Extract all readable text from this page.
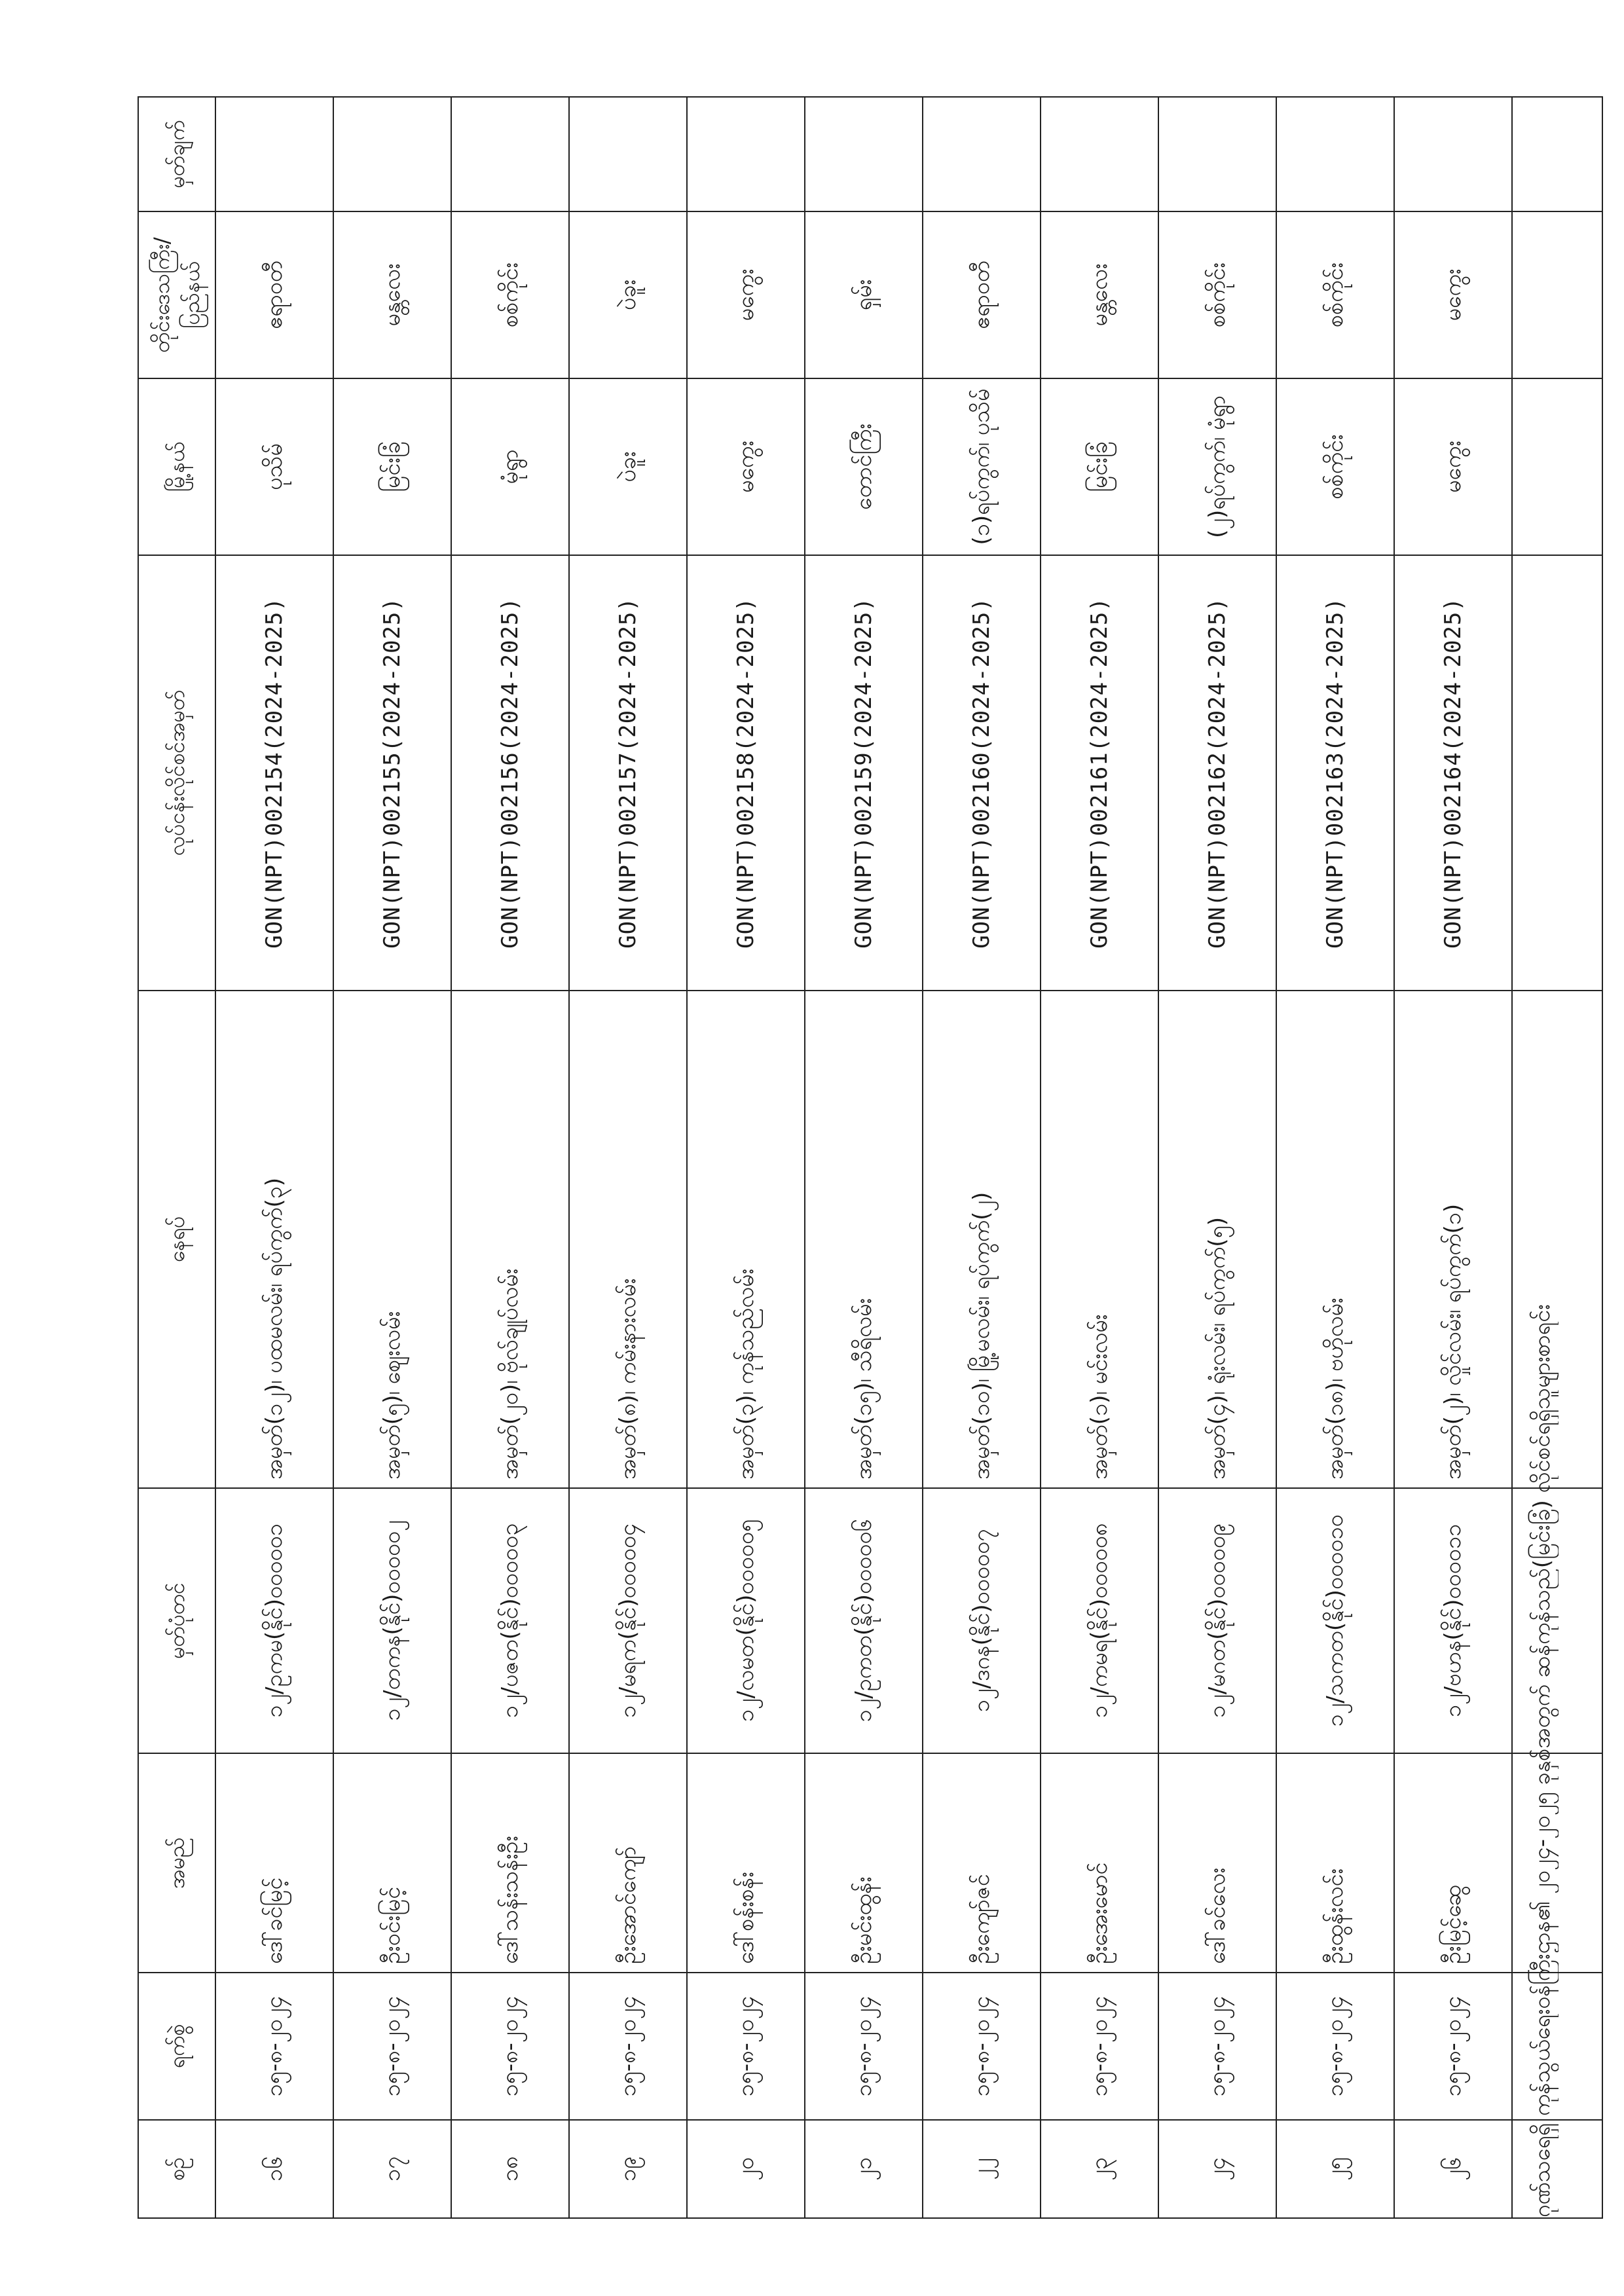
ဂုဏ်သရေရှိ ကုန်သွယ်ရေးဝန်ကြီးဌာန၏ ၂၀၂၄-၂၀၂၅ ခုနှစ်အတွက် ဆန်ကုန်သည်(မြင်းခြံ) လိုင်စင်ရရှိသူများစာရင်း
စဉ်	ရက်စွဲ	အမည်	မှတ်ပုံတင်	နေရပ်	လုပ်ငန်းလိုင်စင်အမှတ်	မြို့နယ်	တိုင်းဒေသကြီး/ပြည်နယ်	မှတ်ချက်
၁၆	၁၅-၈-၂၀၂၄	ဒေါ်ခင်မြင့်	၁၂/ဥကမ(နိုင်)၀၀၀၀၀၁	အမှတ်(၁၂)၊ ပထမလမ်း၊ ရပ်ကွက်(၃)	GON(NPT)002154(2024-2025)	ပုသိမ်	ဧရာဝတီ	
၁၇	၁၅-၈-၂၀၂၄	ဦးဝင်းမြင့်	၁၂/တကန(နိုင်)၀၀၀၀၀၂	အမှတ်(၅)၊ စျေးလမ်း	GON(NPT)002155(2024-2025)	မြင်းခြံ	မန္တလေး	
၁၈	၁၅-၈-၂၀၂၄	ဒေါ်သန်းသန်းဦး	၁၂/ပဇတ(နိုင်)၀၀၀၀၀၃	အမှတ်(၂၀)၊ ဗိုလ်ချုပ်လမ်း	GON(NPT)002156(2024-2025)	မုံရွာ	စစ်ကိုင်း	
၁၉	၁၅-၈-၂၀၂၄	ဦးအောင်ကျော်	၁၂/မရက(နိုင်)၀၀၀၀၀၄	အမှတ်(၈)၊ ကမ်းနားလမ်း	GON(NPT)002157(2024-2025)	ပဲခူး	ပဲခူး	
၂၀	၁၅-၈-၂၀၂၄	ဒေါ်စန်းစန်း	၁၂/လမတ(နိုင်)၀၀၀၀၀၅	အမှတ်(၃)၊ ကုန်သည်လမ်း	GON(NPT)002158(2024-2025)	မကွေး	မကွေး	
၂၁	၁၅-၈-၂၀၂၄	ဦးမင်းထွန်း	၁၂/ဥကတ(နိုင်)၀၀၀၀၀၆	အမှတ်(၁၅)၊ သီရိလမ်း	GON(NPT)002159(2024-2025)	တောင်ကြီး	ရှမ်း	
၂၂	၁၅-၈-၂၀၂၄	ဦးကျော်ဇင်	၁၂/ဒဂန(နိုင်)၀၀၀၀၀၇	အမှတ်(၁၀)၊ မြို့မလမ်း၊ ရပ်ကွက်(၂)	GON(NPT)002160(2024-2025)	(၁)ရပ်ကွက်၊ ပုသိမ်	ဧရာဝတီ	
၂၃	၁၅-၈-၂၀၂၄	ဦးအေးမောင်	၁၂/ကမရ(နိုင်)၀၀၀၀၀၈	အမှတ်(၁)၊ မင်းလမ်း	GON(NPT)002161(2024-2025)	မြင်းခြံ	မန္တလေး	
၂၄	၁၅-၈-၂၀၂၄	ဒေါ်ခင်လေး	၁၂/မဂတ(နိုင်)၀၀၀၀၀၉	အမှတ်(၄)၊ ရုံးလမ်း၊ ရပ်ကွက်(၅)	GON(NPT)002162(2024-2025)	(၂)ရပ်ကွက်၊ မုံရွာ	စစ်ကိုင်း	
၂၅	၁၅-၈-၂၀၂၄	ဦးထွန်းလင်း	၁၂/သကတ(နိုင်)၀၀၀၀၁၀	အမှတ်(၁၈)၊ ဗဟိုလမ်း	GON(NPT)002163(2024-2025)	စစ်ကိုင်း	စစ်ကိုင်း	
၂၆	၁၅-၈-၂၀၂၄	ဦးမြင့်ဆွေ	၁၂/ဗဟန(နိုင်)၀၀၀၀၁၁	အမှတ်(၂)၊ လှိုင်လမ်း၊ ရပ်ကွက်(၁)	GON(NPT)002164(2024-2025)	မကွေး	မကွေး	
